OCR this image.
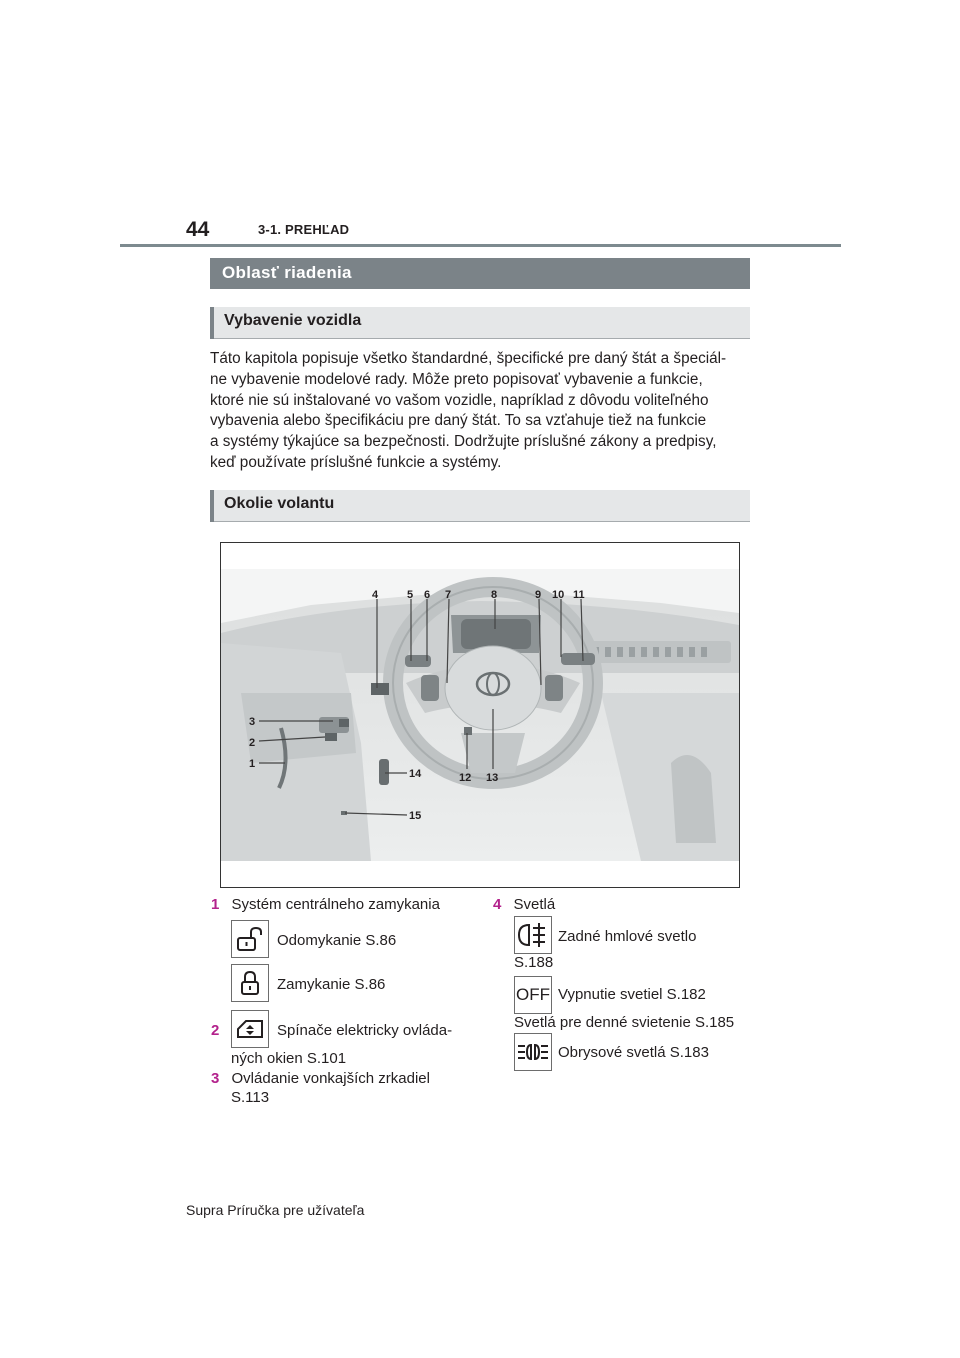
44	3-1. PREHĽAD
Oblasť riadenia
Vybavenie vozidla
Táto kapitola popisuje všetko štandardné, špecifické pre daný štát a špeciál-
ne vybavenie modelové rady. Môže preto popisovať vybavenie a funkcie,
ktoré nie sú inštalované vo vašom vozidle, napríklad z dôvodu voliteľného
vybavenia alebo špecifikáciu pre daný štát. To sa vzťahuje tiež na funkcie
a systémy týkajúce sa bezpečnosti. Dodržujte príslušné zákony a predpisy,
keď používate príslušné funkcie a systémy.
Okolie volantu
4	5 6 7	8	9 10 11
3
2
1
12 13
14
15
1 Systém centrálneho zamykania
Odomykanie S.86
Zamykanie S.86
2	Spínače elektricky ovláda-
ných okien S.101
3 Ovládanie vonkajších zrkadiel
S.113
4 Svetlá
Zadné hmlové svetlo
S.188
OFF Vypnutie svetiel S.182
Svetlá pre denné svietenie S.185
Obrysové svetlá S.183
Supra Príručka pre užívateľa
